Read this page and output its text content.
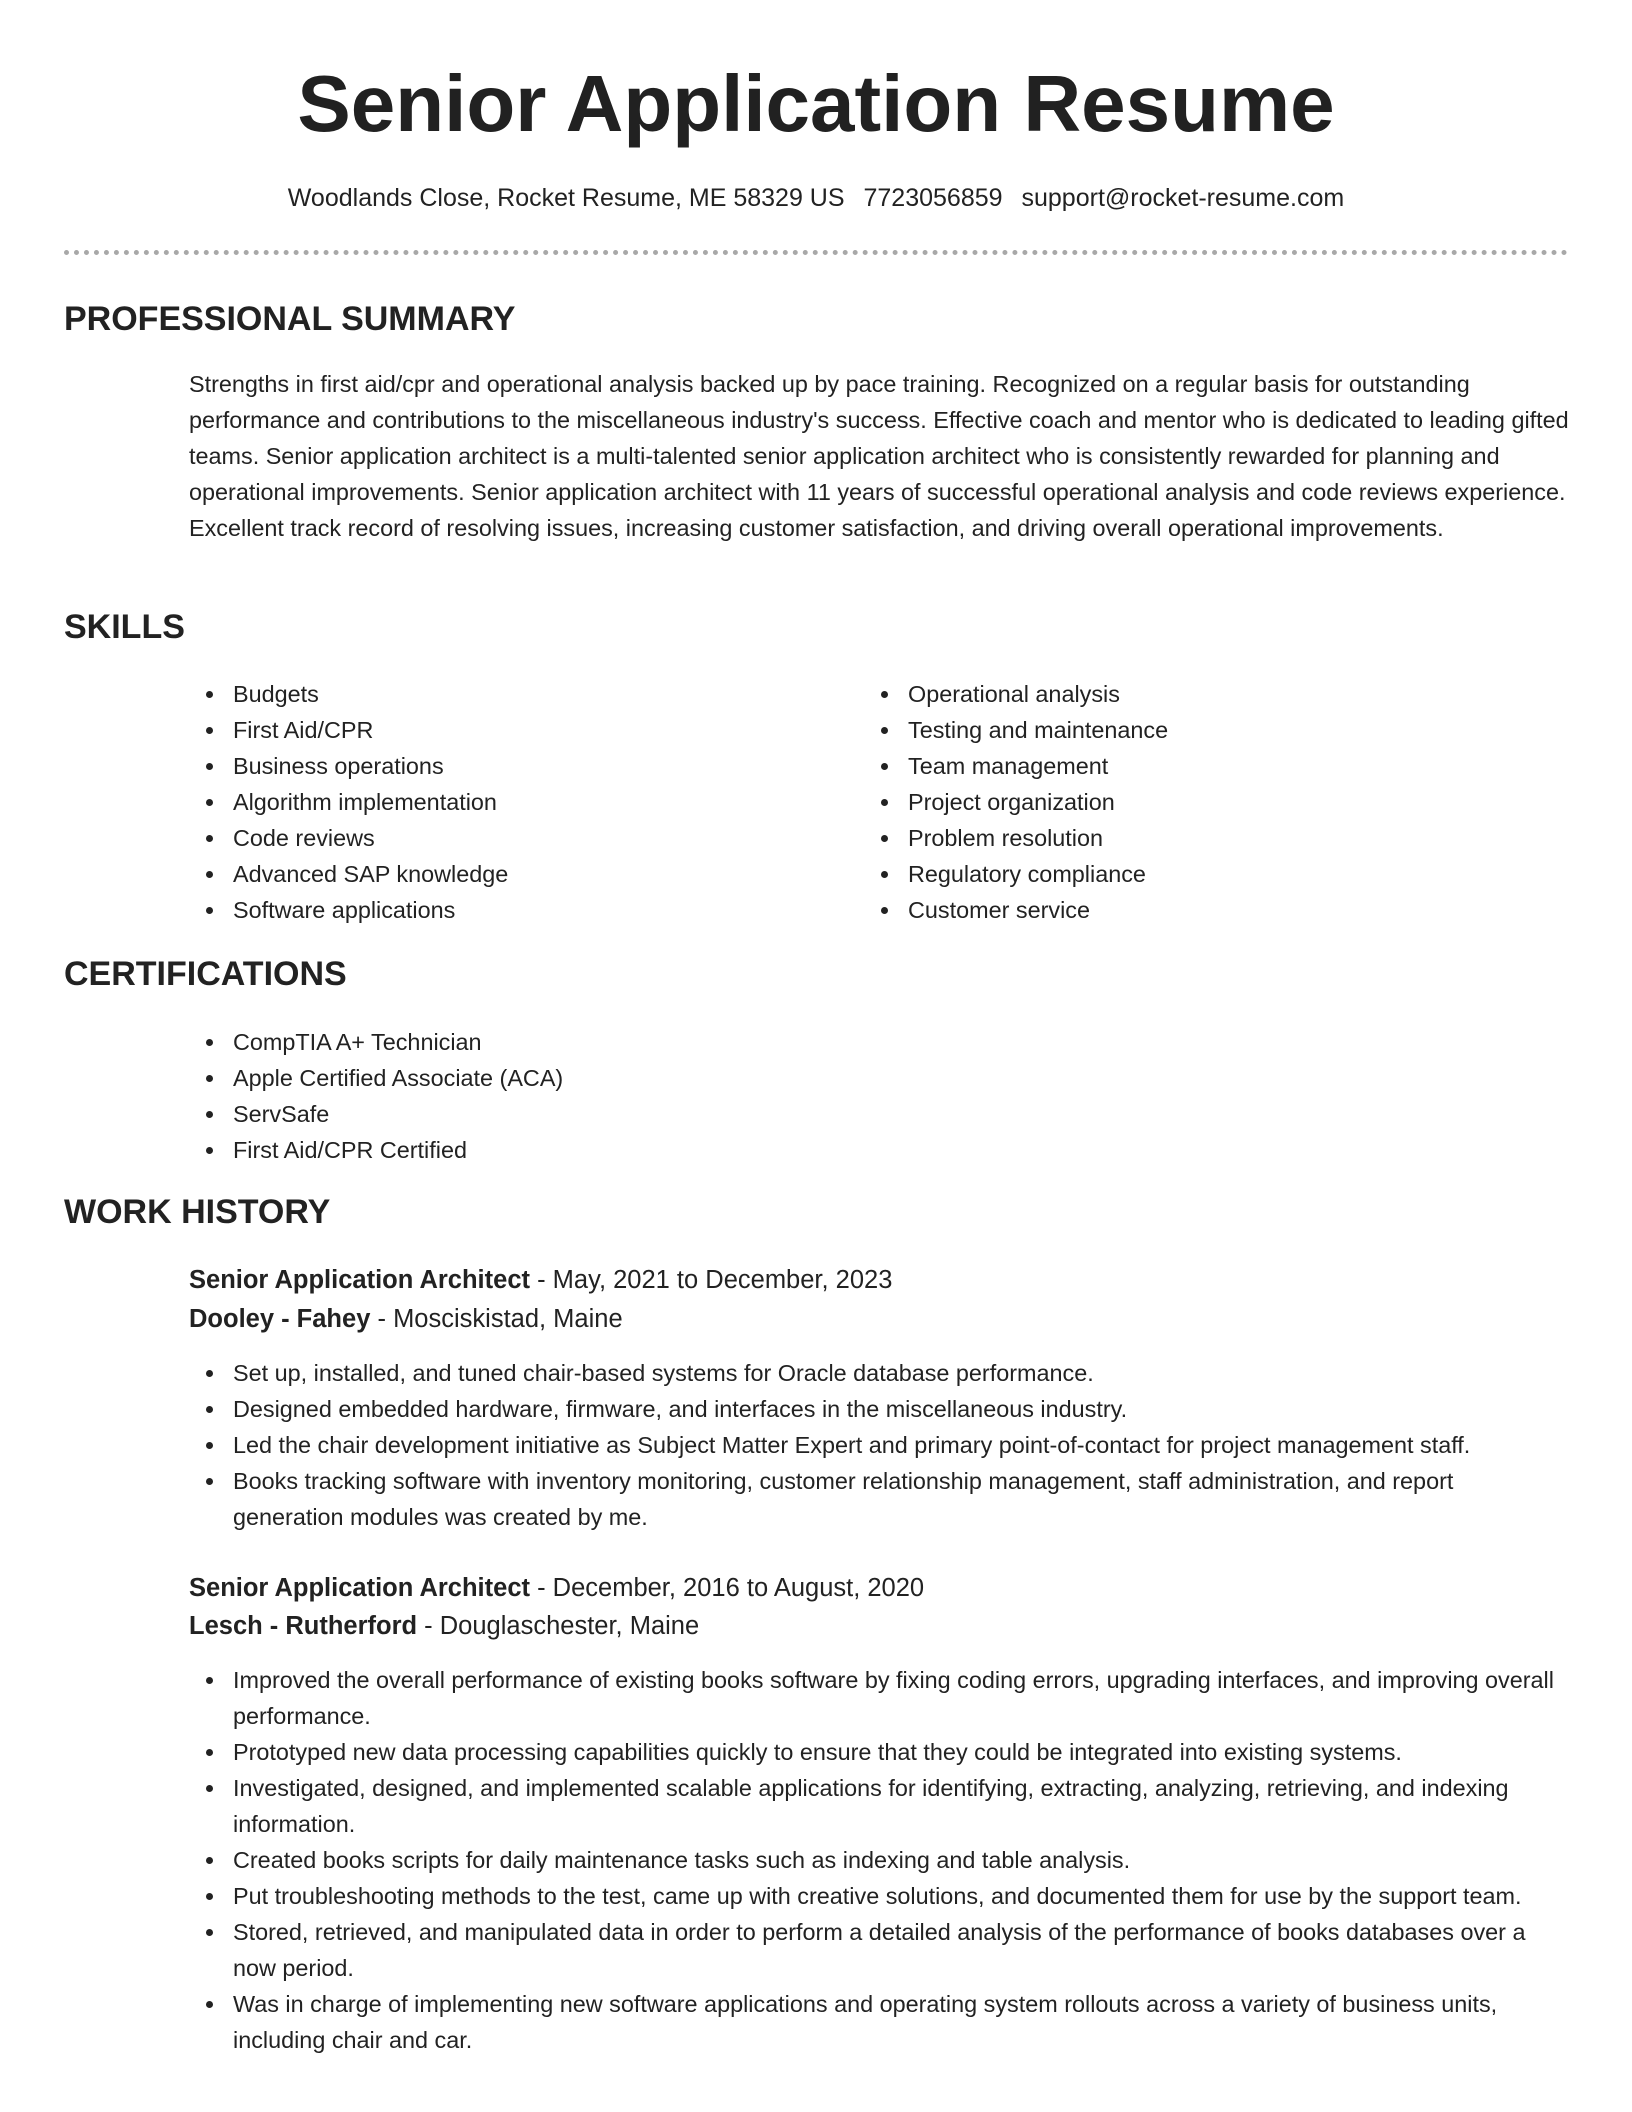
Senior Application Resume
Woodlands Close, Rocket Resume, ME 58329 US 7723056859 support@rocket-resume.com
PROFESSIONAL SUMMARY

Strengths in first aid/cpr and operational analysis backed up by pace training. Recognized on a regular basis for outstanding performance and contributions to the miscellaneous industry's success. Effective coach and mentor who is dedicated to leading gifted teams. Senior application architect is a multi-talented senior application architect who is consistently rewarded for planning and operational improvements. Senior application architect with 11 years of successful operational analysis and code reviews experience. Excellent track record of resolving issues, increasing customer satisfaction, and driving overall operational improvements.

SKILLS
Budgets
First Aid/CPR
Business operations
Algorithm implementation
Code reviews
Advanced SAP knowledge
Software applications
Operational analysis
Testing and maintenance
Team management
Project organization
Problem resolution
Regulatory compliance
Customer service
CERTIFICATIONS
CompTIA A+ Technician
Apple Certified Associate (ACA)
ServSafe
First Aid/CPR Certified
WORK HISTORY
Senior Application Architect - May, 2021 to December, 2023
Dooley - Fahey - Mosciskistad, Maine
Set up, installed, and tuned chair-based systems for Oracle database performance.
Designed embedded hardware, firmware, and interfaces in the miscellaneous industry.
Led the chair development initiative as Subject Matter Expert and primary point-of-contact for project management staff.
Books tracking software with inventory monitoring, customer relationship management, staff administration, and report generation modules was created by me.
Senior Application Architect - December, 2016 to August, 2020
Lesch - Rutherford - Douglaschester, Maine
Improved the overall performance of existing books software by fixing coding errors, upgrading interfaces, and improving overall performance.
Prototyped new data processing capabilities quickly to ensure that they could be integrated into existing systems.
Investigated, designed, and implemented scalable applications for identifying, extracting, analyzing, retrieving, and indexing information.
Created books scripts for daily maintenance tasks such as indexing and table analysis.
Put troubleshooting methods to the test, came up with creative solutions, and documented them for use by the support team.
Stored, retrieved, and manipulated data in order to perform a detailed analysis of the performance of books databases over a now period.
Was in charge of implementing new software applications and operating system rollouts across a variety of business units, including chair and car.
